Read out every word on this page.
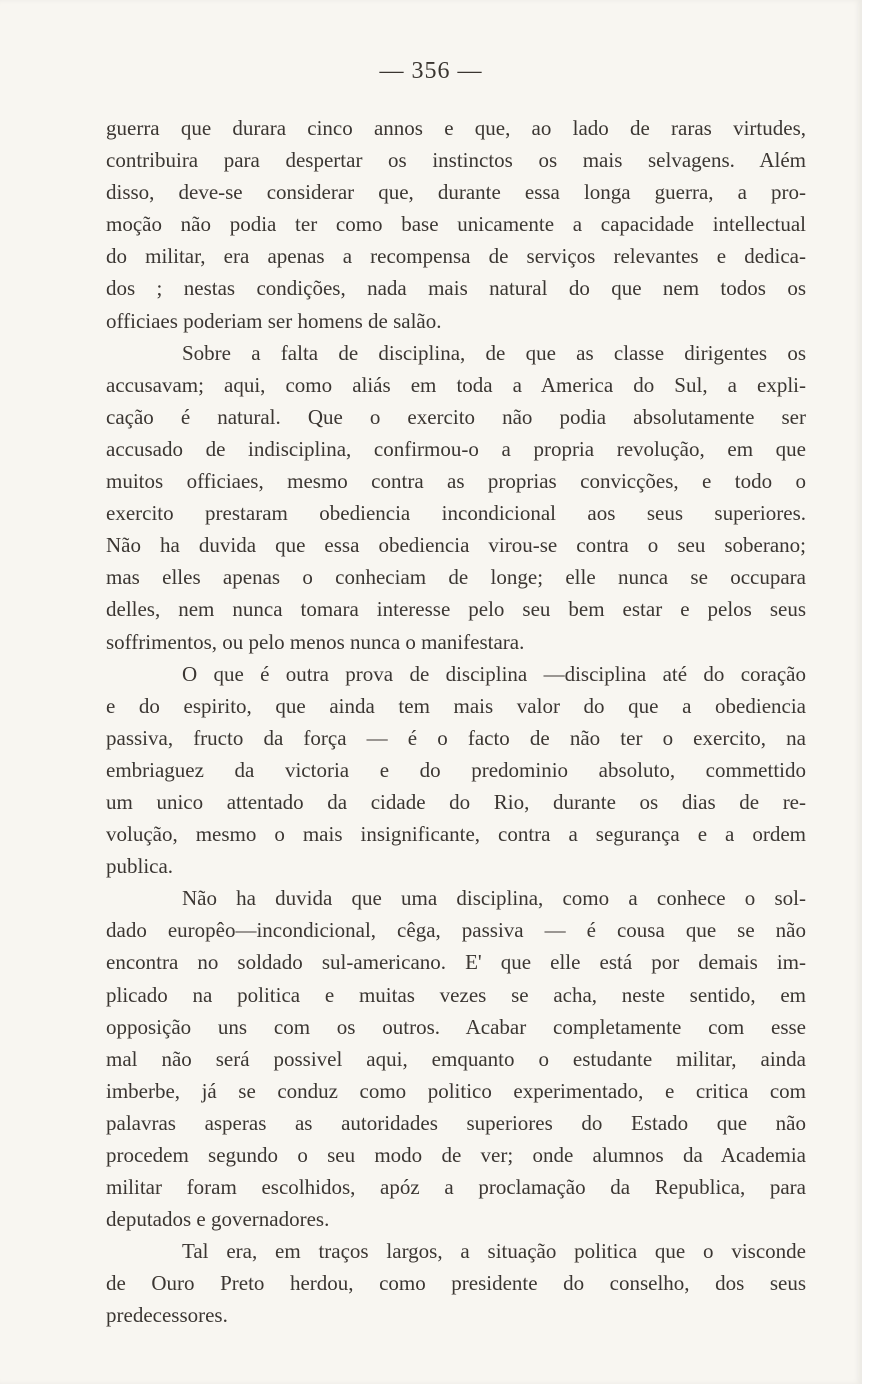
— 356 —
guerra que durara cinco annos e que, ao lado de raras virtudes,
contribuira para despertar os instinctos os mais selvagens. Além
disso, deve-se considerar que, durante essa longa guerra, a pro-
moção não podia ter como base unicamente a capacidade intellectual
do militar, era apenas a recompensa de serviços relevantes e dedica-
dos ; nestas condições, nada mais natural do que nem todos os
officiaes poderiam ser homens de salão.
Sobre a falta de disciplina, de que as classe dirigentes os
accusavam; aqui, como aliás em toda a America do Sul, a expli-
cação é natural. Que o exercito não podia absolutamente ser
accusado de indisciplina, confirmou-o a propria revolução, em que
muitos officiaes, mesmo contra as proprias convicções, e todo o
exercito prestaram obediencia incondicional aos seus superiores.
Não ha duvida que essa obediencia virou-se contra o seu soberano;
mas elles apenas o conheciam de longe; elle nunca se occupara
delles, nem nunca tomara interesse pelo seu bem estar e pelos seus
soffrimentos, ou pelo menos nunca o manifestara.
O que é outra prova de disciplina —disciplina até do coração
e do espirito, que ainda tem mais valor do que a obediencia
passiva, fructo da força — é o facto de não ter o exercito, na
embriaguez da victoria e do predominio absoluto, commettido
um unico attentado da cidade do Rio, durante os dias de re-
volução, mesmo o mais insignificante, contra a segurança e a ordem
publica.
Não ha duvida que uma disciplina, como a conhece o sol-
dado europêo—incondicional, cêga, passiva — é cousa que se não
encontra no soldado sul-americano. E' que elle está por demais im-
plicado na politica e muitas vezes se acha, neste sentido, em
opposição uns com os outros. Acabar completamente com esse
mal não será possivel aqui, emquanto o estudante militar, ainda
imberbe, já se conduz como politico experimentado, e critica com
palavras asperas as autoridades superiores do Estado que não
procedem segundo o seu modo de ver; onde alumnos da Academia
militar foram escolhidos, apóz a proclamação da Republica, para
deputados e governadores.
Tal era, em traços largos, a situação politica que o visconde
de Ouro Preto herdou, como presidente do conselho, dos seus
predecessores.
